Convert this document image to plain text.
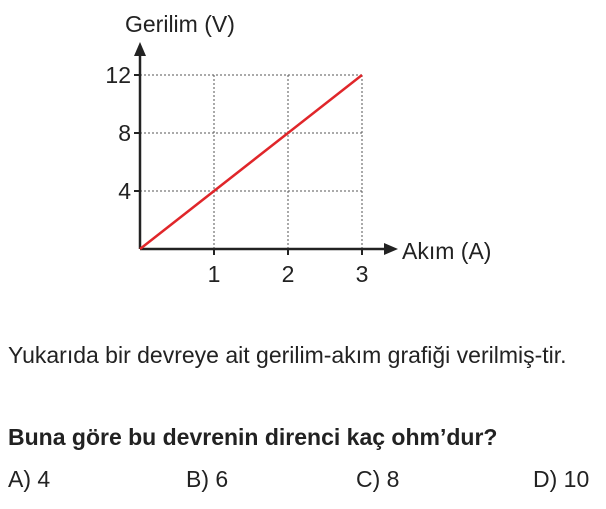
1	2	3
4
8
12
Gerilim (V)
Akım (A)

Yukarıda bir devreye ait gerilim-akım grafiği verilmiş-tir.

Buna göre bu devrenin direnci kaç ohm’dur?

A) 4	B) 6	C) 8	D) 10
